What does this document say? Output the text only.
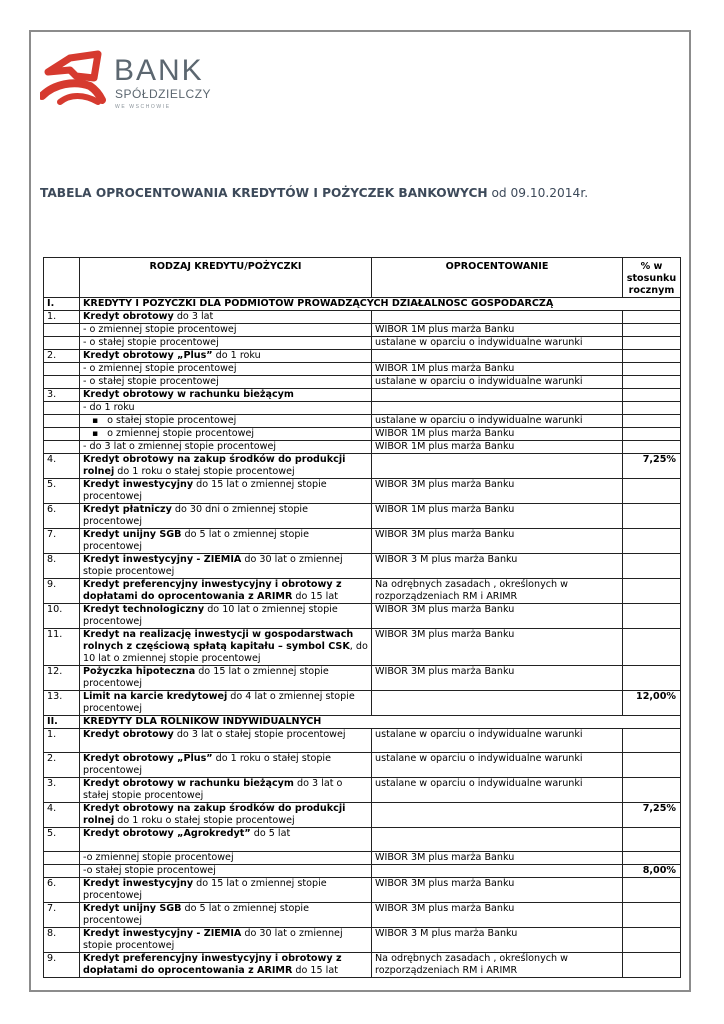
BANK
SPÓŁDZIELCZY
WE WSCHOWIE
TABELA OPROCENTOWANIA KREDYTÓW I POŻYCZEK BANKOWYCH od 09.10.2014r.
	RODZAJ KREDYTU/POŻYCZKI	OPROCENTOWANIE	% w stosunku rocznym
I.	KREDYTY I POŻYCZKI DLA PODMIOTÓW PROWADZĄCYCH DZIAŁALNOŚĆ GOSPODARCZĄ		
1.	Kredyt obrotowy do 3 lat		
	- o zmiennej stopie procentowej	WIBOR 1M plus marża Banku	
	- o stałej stopie procentowej	ustalane w oparciu o indywidualne warunki	
2.	Kredyt obrotowy „Plus” do 1 roku		
	- o zmiennej stopie procentowej	WIBOR 1M plus marża Banku	
	- o stałej stopie procentowej	ustalane w oparciu o indywidualne warunki	
3.	Kredyt obrotowy w rachunku bieżącym		
	- do 1 roku		
	▪ o stałej stopie procentowej	ustalane w oparciu o indywidualne warunki	
	▪ o zmiennej stopie procentowej	WIBOR 1M plus marża Banku	
	- do 3 lat o zmiennej stopie procentowej	WIBOR 1M plus marża Banku	
4.	Kredyt obrotowy na zakup środków do produkcji rolnej do 1 roku o stałej stopie procentowej		7,25%
5.	Kredyt inwestycyjny do 15 lat o zmiennej stopie procentowej	WIBOR 3M plus marża Banku	
6.	Kredyt płatniczy do 30 dni o zmiennej stopie procentowej	WIBOR 1M plus marża Banku	
7.	Kredyt unijny SGB do 5 lat o zmiennej stopie procentowej	WIBOR 3M plus marża Banku	
8.	Kredyt inwestycyjny - ZIEMIA do 30 lat o zmiennej stopie procentowej	WIBOR 3 M plus marża Banku	
9.	Kredyt preferencyjny inwestycyjny i obrotowy z dopłatami do oprocentowania z ARIMR do 15 lat	Na odrębnych zasadach , określonych w rozporządzeniach RM i ARIMR	
10.	Kredyt technologiczny do 10 lat o zmiennej stopie procentowej	WIBOR 3M plus marża Banku	
11.	Kredyt na realizację inwestycji w gospodarstwach rolnych z częściową spłatą kapitału – symbol CSK, do 10 lat o zmiennej stopie procentowej	WIBOR 3M plus marża Banku	
12.	Pożyczka hipoteczna do 15 lat o zmiennej stopie procentowej	WIBOR 3M plus marża Banku	
13.	Limit na karcie kredytowej do 4 lat o zmiennej stopie procentowej		12,00%
II.	KREDYTY DLA ROLNIKÓW INDYWIDUALNYCH		
1.	Kredyt obrotowy do 3 lat o stałej stopie procentowej	ustalane w oparciu o indywidualne warunki	
2.	Kredyt obrotowy „Plus” do 1 roku o stałej stopie procentowej	ustalane w oparciu o indywidualne warunki	
3.	Kredyt obrotowy w rachunku bieżącym do 3 lat o stałej stopie procentowej	ustalane w oparciu o indywidualne warunki	
4.	Kredyt obrotowy na zakup środków do produkcji rolnej do 1 roku o stałej stopie procentowej		7,25%
5.	Kredyt obrotowy „Agrokredyt” do 5 lat		
	-o zmiennej stopie procentowej	WIBOR 3M plus marża Banku	
	-o stałej stopie procentowej		8,00%
6.	Kredyt inwestycyjny do 15 lat o zmiennej stopie procentowej	WIBOR 3M plus marża Banku	
7.	Kredyt unijny SGB do 5 lat o zmiennej stopie procentowej	WIBOR 3M plus marża Banku	
8.	Kredyt inwestycyjny - ZIEMIA do 30 lat o zmiennej stopie procentowej	WIBOR 3 M plus marża Banku	
9.	Kredyt preferencyjny inwestycyjny i obrotowy z dopłatami do oprocentowania z ARIMR do 15 lat	Na odrębnych zasadach , określonych w rozporządzeniach RM i ARIMR	
